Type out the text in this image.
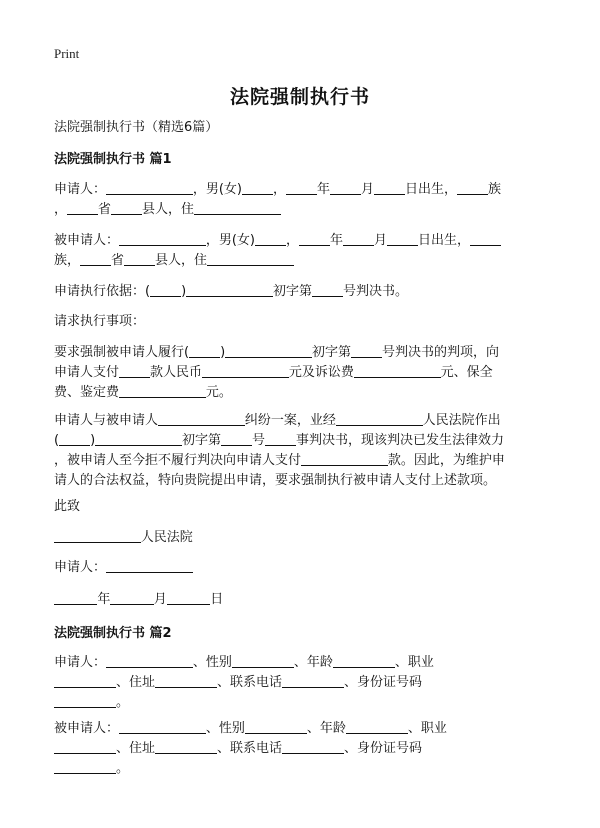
Print
法院强制执行书
法院强制执行书（精选6篇）
法院强制执行书 篇1
申请人：	，男(女) ， 年 月 日出生， 族
， 省 县人，住
被申请人：	，男(女) ， 年 月 日出生，
族， 省 县人，住
申请执行依据：( )	初字第 号判决书。
请求执行事项：
要求强制被申请人履行( )	初字第 号判决书的判项，向
申请人支付 款人民币	元及诉讼费	元、保全
费、鉴定费	元。
申请人与被申请人	纠纷一案，业经	人民法院作出
( )	初字第 号 事判决书，现该判决已发生法律效力
，被申请人至今拒不履行判决向申请人支付	款。因此，为维护申
请人的合法权益，特向贵院提出申请，要求强制执行被申请人支付上述款项。
此致
人民法院
申请人：
年	月	日
法院强制执行书 篇2
申请人：	、性别	、年龄	、职业
、住址	、联系电话	、身份证号码
。
被申请人：	、性别	、年龄	、职业
、住址	、联系电话	、身份证号码
。
